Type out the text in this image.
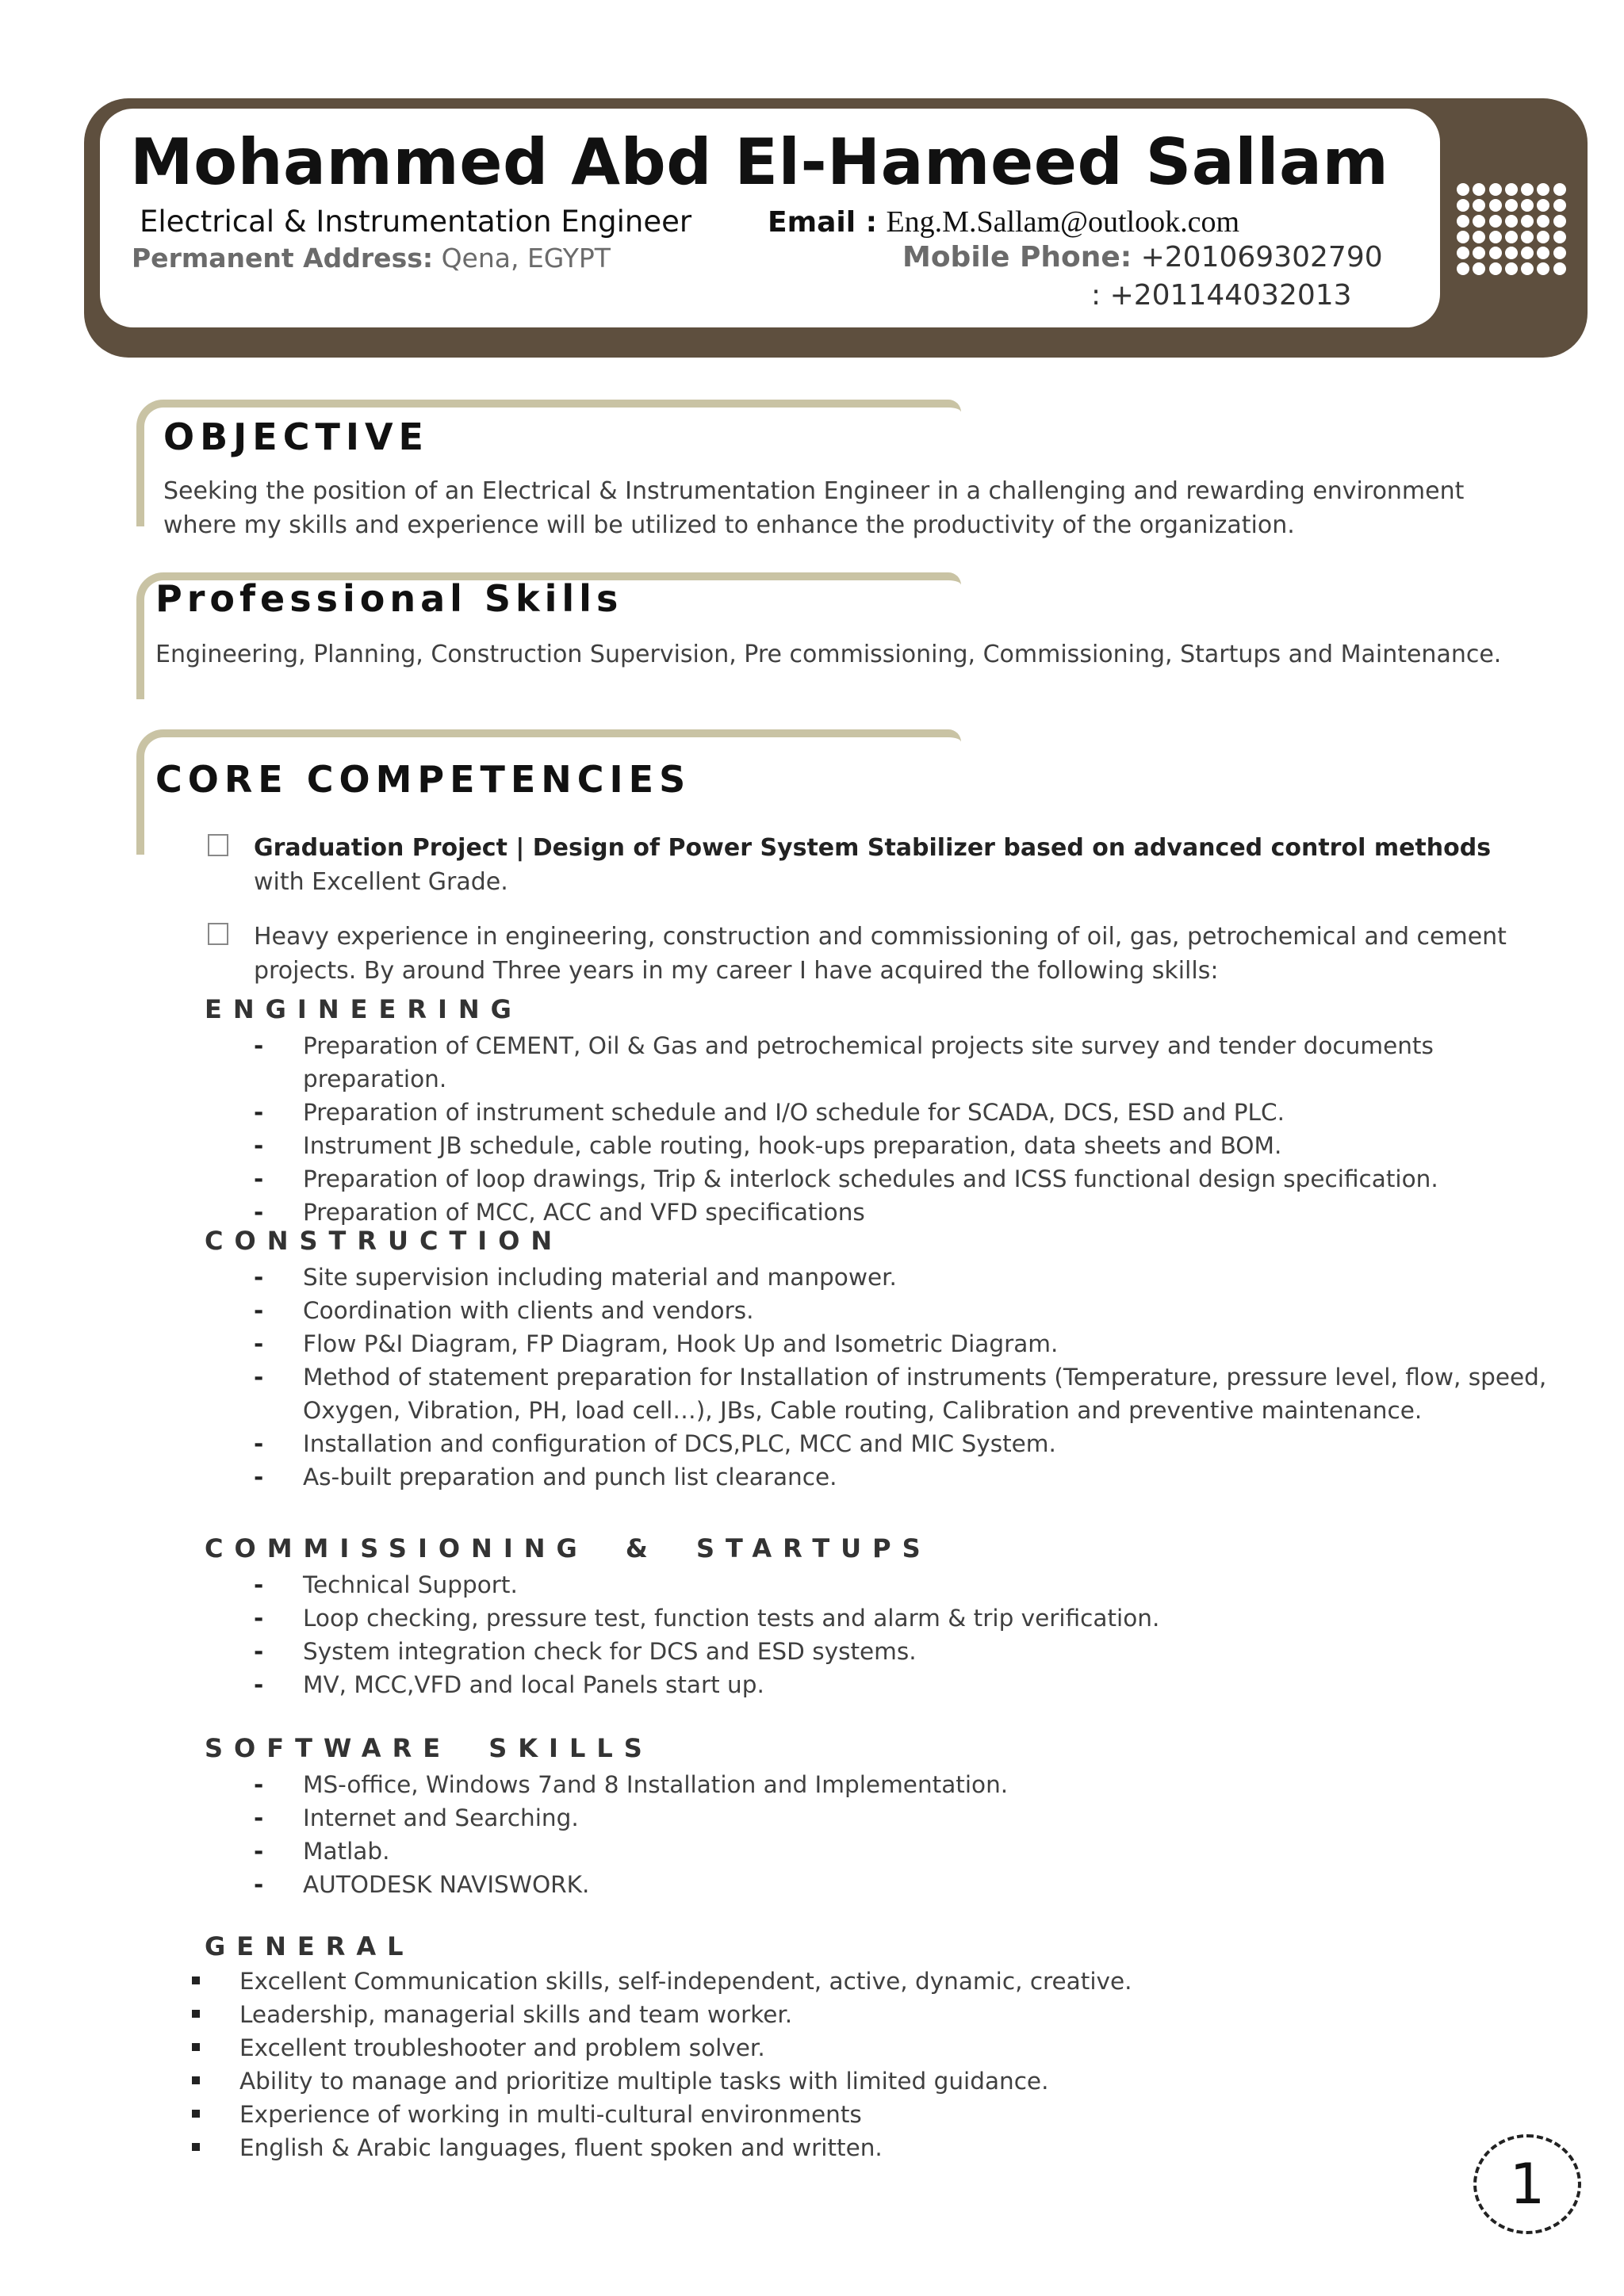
Mohammed Abd El-Hameed Sallam
Electrical & Instrumentation Engineer	Email : Eng.M.Sallam@outlook.com
Permanent Address: Qena, EGYPT	Mobile Phone: +201069302790
: +201144032013
OBJECTIVE
Seeking the position of an Electrical & Instrumentation Engineer in a challenging and rewarding environment where my skills and experience will be utilized to enhance the productivity of the organization.
Professional Skills
Engineering, Planning, Construction Supervision, Pre commissioning, Commissioning, Startups and Maintenance.
CORE COMPETENCIES
Graduation Project | Design of Power System Stabilizer based on advanced control methods with Excellent Grade.
Heavy experience in engineering, construction and commissioning of oil, gas, petrochemical and cement projects. By around Three years in my career I have acquired the following skills:
ENGINEERING
- Preparation of CEMENT, Oil & Gas and petrochemical projects site survey and tender documents preparation.
- Preparation of instrument schedule and I/O schedule for SCADA, DCS, ESD and PLC.
- Instrument JB schedule, cable routing, hook-ups preparation, data sheets and BOM.
- Preparation of loop drawings, Trip & interlock schedules and ICSS functional design specification.
- Preparation of MCC, ACC and VFD specifications
CONSTRUCTION
- Site supervision including material and manpower.
- Coordination with clients and vendors.
- Flow P&I Diagram, FP Diagram, Hook Up and Isometric Diagram.
- Method of statement preparation for Installation of instruments (Temperature, pressure level, flow, speed, Oxygen, Vibration, PH, load cell…), JBs, Cable routing, Calibration and preventive maintenance.
- Installation and configuration of DCS,PLC, MCC and MIC System.
- As-built preparation and punch list clearance.
COMMISSIONING & STARTUPS
- Technical Support.
- Loop checking, pressure test, function tests and alarm & trip verification.
- System integration check for DCS and ESD systems.
- MV, MCC,VFD and local Panels start up.
SOFTWARE SKILLS
- MS-office, Windows 7and 8 Installation and Implementation.
- Internet and Searching.
- Matlab.
- AUTODESK NAVISWORK.
GENERAL
Excellent Communication skills, self-independent, active, dynamic, creative.
Leadership, managerial skills and team worker.
Excellent troubleshooter and problem solver.
Ability to manage and prioritize multiple tasks with limited guidance.
Experience of working in multi-cultural environments
English & Arabic languages, fluent spoken and written.
1
